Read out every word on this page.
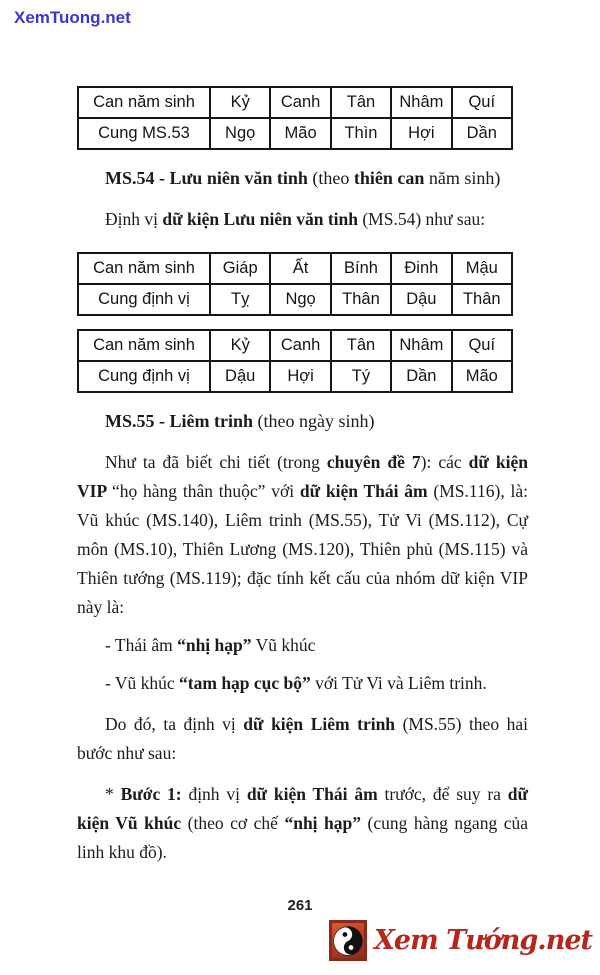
XemTuong.net
Can năm sinh	Kỷ	Canh	Tân	Nhâm	Quí
Cung MS.53	Ngọ	Mão	Thìn	Hợi	Dần

MS.54 - Lưu niên văn tinh (theo thiên can năm sinh)

Định vị dữ kiện Lưu niên văn tinh (MS.54) như sau:

Can năm sinh	Giáp	Ất	Bính	Đinh	Mậu
Cung định vị	Tỵ	Ngọ	Thân	Dậu	Thân
Can năm sinh	Kỷ	Canh	Tân	Nhâm	Quí
Cung định vị	Dậu	Hợi	Tý	Dần	Mão

MS.55 - Liêm trinh (theo ngày sinh)

Như ta đã biết chi tiết (trong chuyên đề 7): các dữ kiện VIP “họ hàng thân thuộc” với dữ kiện Thái âm (MS.116), là: Vũ khúc (MS.140), Liêm trinh (MS.55), Tử Vi (MS.112), Cự môn (MS.10), Thiên Lương (MS.120), Thiên phủ (MS.115) và Thiên tướng (MS.119); đặc tính kết cấu của nhóm dữ kiện VIP này là:

- Thái âm “nhị hạp” Vũ khúc

- Vũ khúc “tam hạp cục bộ” với Tử Vi và Liêm trinh.

Do đó, ta định vị dữ kiện Liêm trinh (MS.55) theo hai bước như sau:

* Bước 1: định vị dữ kiện Thái âm trước, để suy ra dữ kiện Vũ khúc (theo cơ chế “nhị hạp” (cung hàng ngang của linh khu đồ).

261
Xem Tướng.net
